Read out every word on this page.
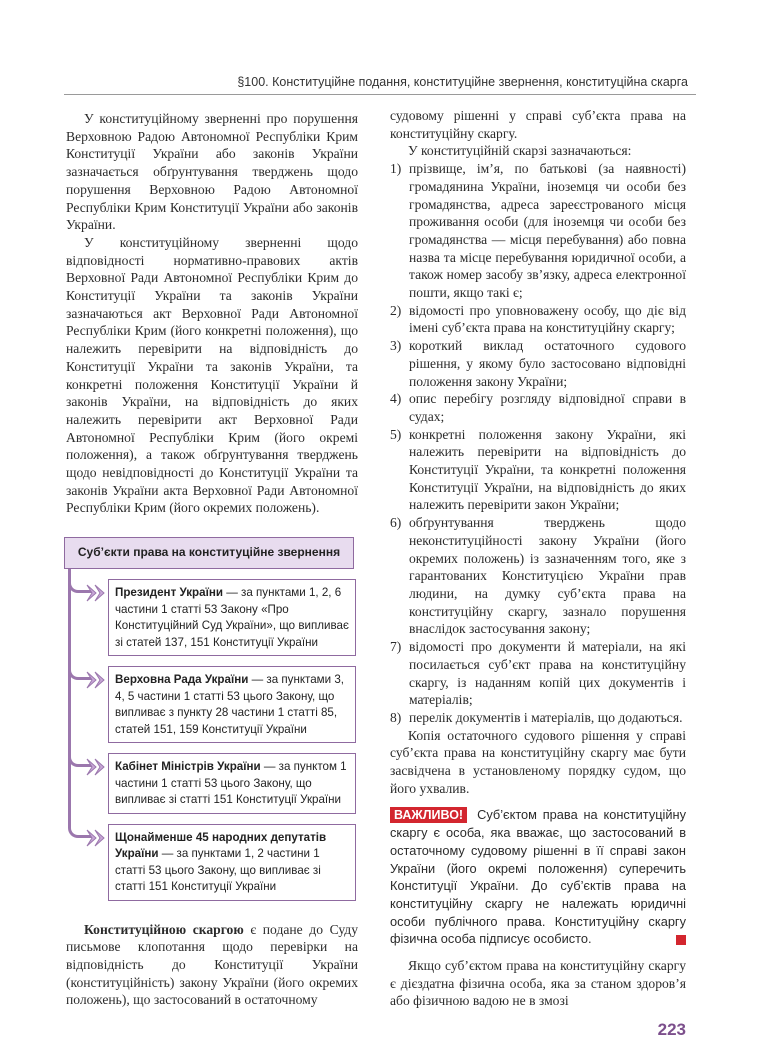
§100. Конституційне подання, конституційне звернення, конституційна скарга

У конституційному зверненні про порушення Верховною Радою Автономної Республіки Крим Конституції України або законів України зазначається обґрунтування тверджень щодо порушення Верховною Радою Автономної Республіки Крим Конституції України або законів України.

У конституційному зверненні щодо відповідності нормативно-правових актів Верховної Ради Автономної Республіки Крим до Конституції України та законів України зазначаються акт Верховної Ради Автономної Республіки Крим (його конкретні положення), що належить перевірити на відповідність до Конституції України та законів України, та конкретні положення Конституції України й законів України, на відповідність до яких належить перевірити акт Верховної Ради Автономної Республіки Крим (його окремі положення), а також обґрунтування тверджень щодо невідповідності до Конституції України та законів України акта Верховної Ради Автономної Республіки Крим (його окремих положень).

Суб’єкти права на конституційне звернення
Президент України — за пунктами 1, 2, 6 частини 1 статті 53 Закону «Про Конституційний Суд України», що випливає зі статей 137, 151 Конституції України
Верховна Рада України — за пунктами 3, 4, 5 частини 1 статті 53 цього Закону, що випливає з пункту 28 частини 1 статті 85, статей 151, 159 Конституції України
Кабінет Міністрів України — за пунктом 1 частини 1 статті 53 цього Закону, що випливає зі статті 151 Конституції України
Щонайменше 45 народних депутатів України — за пунктами 1, 2 частини 1 статті 53 цього Закону, що випливає зі статті 151 Конституції України

Конституційною скаргою є подане до Суду письмове клопотання щодо перевірки на відповідність до Конституції України (конституційність) закону України (його окремих положень), що застосований в остаточному

судовому рішенні у справі суб’єкта права на конституційну скаргу.

У конституційній скарзі зазначаються:

1) прізвище, ім’я, по батькові (за наявності) громадянина України, іноземця чи особи без громадянства, адреса зареєстрованого місця проживання особи (для іноземця чи особи без громадянства — місця перебування) або повна назва та місце перебування юридичної особи, а також номер засобу зв’язку, адреса електронної пошти, якщо такі є;
2) відомості про уповноважену особу, що діє від імені суб’єкта права на конституційну скаргу;
3) короткий виклад остаточного судового рішення, у якому було застосовано відповідні положення закону України;
4) опис перебігу розгляду відповідної справи в судах;
5) конкретні положення закону України, які належить перевірити на відповідність до Конституції України, та конкретні положення Конституції України, на відповідність до яких належить перевірити закон України;
6) обґрунтування тверджень щодо неконституційності закону України (його окремих положень) із зазначенням того, яке з гарантованих Конституцією України прав людини, на думку суб’єкта права на конституційну скаргу, зазнало порушення внаслідок застосування закону;
7) відомості про документи й матеріали, на які посилається суб’єкт права на конституційну скаргу, із наданням копій цих документів і матеріалів;
8) перелік документів і матеріалів, що додаються.

Копія остаточного судового рішення у справі суб’єкта права на конституційну скаргу має бути засвідчена в установленому порядку судом, що його ухвалив.

ВАЖЛИВО! Суб’єктом права на конституційну скаргу є особа, яка вважає, що застосований в остаточному судовому рішенні в її справі закон України (його окремі положення) суперечить Конституції України. До суб’єктів права на конституційну скаргу не належать юридичні особи публічного права. Конституційну скаргу фізична особа підписує особисто.

Якщо суб’єктом права на конституційну скаргу є дієздатна фізична особа, яка за станом здоров’я або фізичною вадою не в змозі

223
